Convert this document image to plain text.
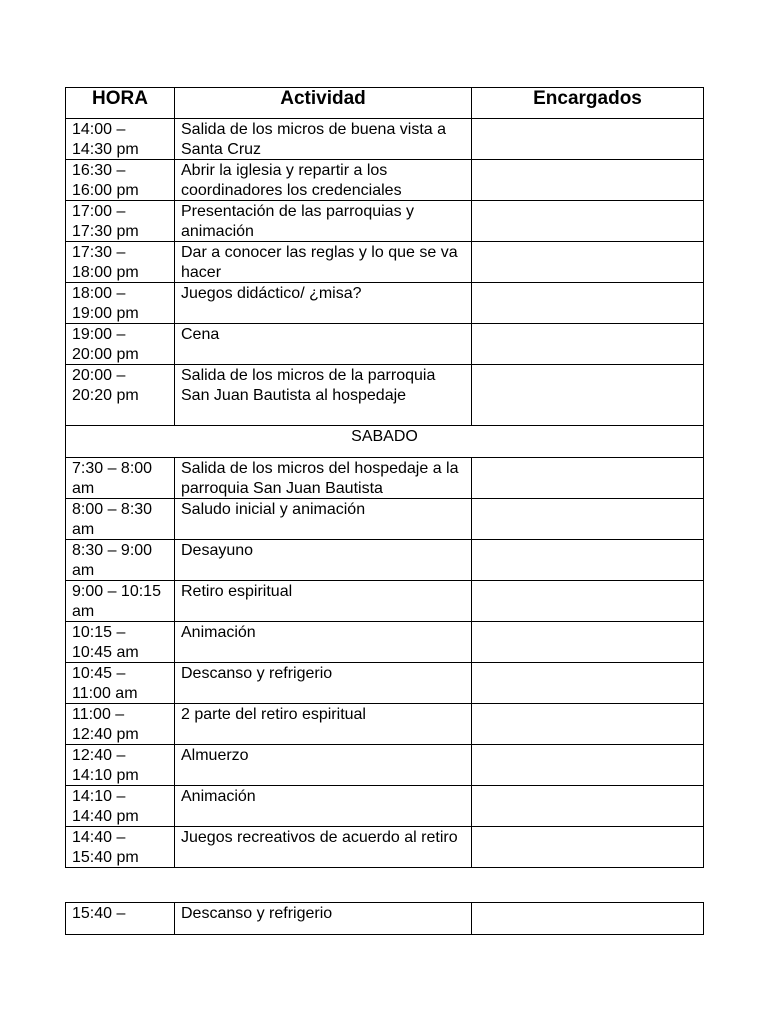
HORA	Actividad	Encargados
14:00 – 14:30 pm	Salida de los micros de buena vista a Santa Cruz	
16:30 – 16:00 pm	Abrir la iglesia y repartir a los coordinadores los credenciales	
17:00 – 17:30 pm	Presentación de las parroquias y animación	
17:30 – 18:00 pm	Dar a conocer las reglas y lo que se va hacer	
18:00 – 19:00 pm	Juegos didáctico/ ¿misa?	
19:00 – 20:00 pm	Cena	
20:00 – 20:20 pm	Salida de los micros de la parroquia San Juan Bautista al hospedaje	
SABADO		
7:30 – 8:00 am	Salida de los micros del hospedaje a la parroquia San Juan Bautista	
8:00 – 8:30 am	Saludo inicial y animación	
8:30 – 9:00 am	Desayuno	
9:00 – 10:15 am	Retiro espiritual	
10:15 – 10:45 am	Animación	
10:45 – 11:00 am	Descanso y refrigerio	
11:00 – 12:40 pm	2 parte del retiro espiritual	
12:40 – 14:10 pm	Almuerzo	
14:10 – 14:40 pm	Animación	
14:40 – 15:40 pm	Juegos recreativos de acuerdo al retiro	
15:40 –	Descanso y refrigerio	
